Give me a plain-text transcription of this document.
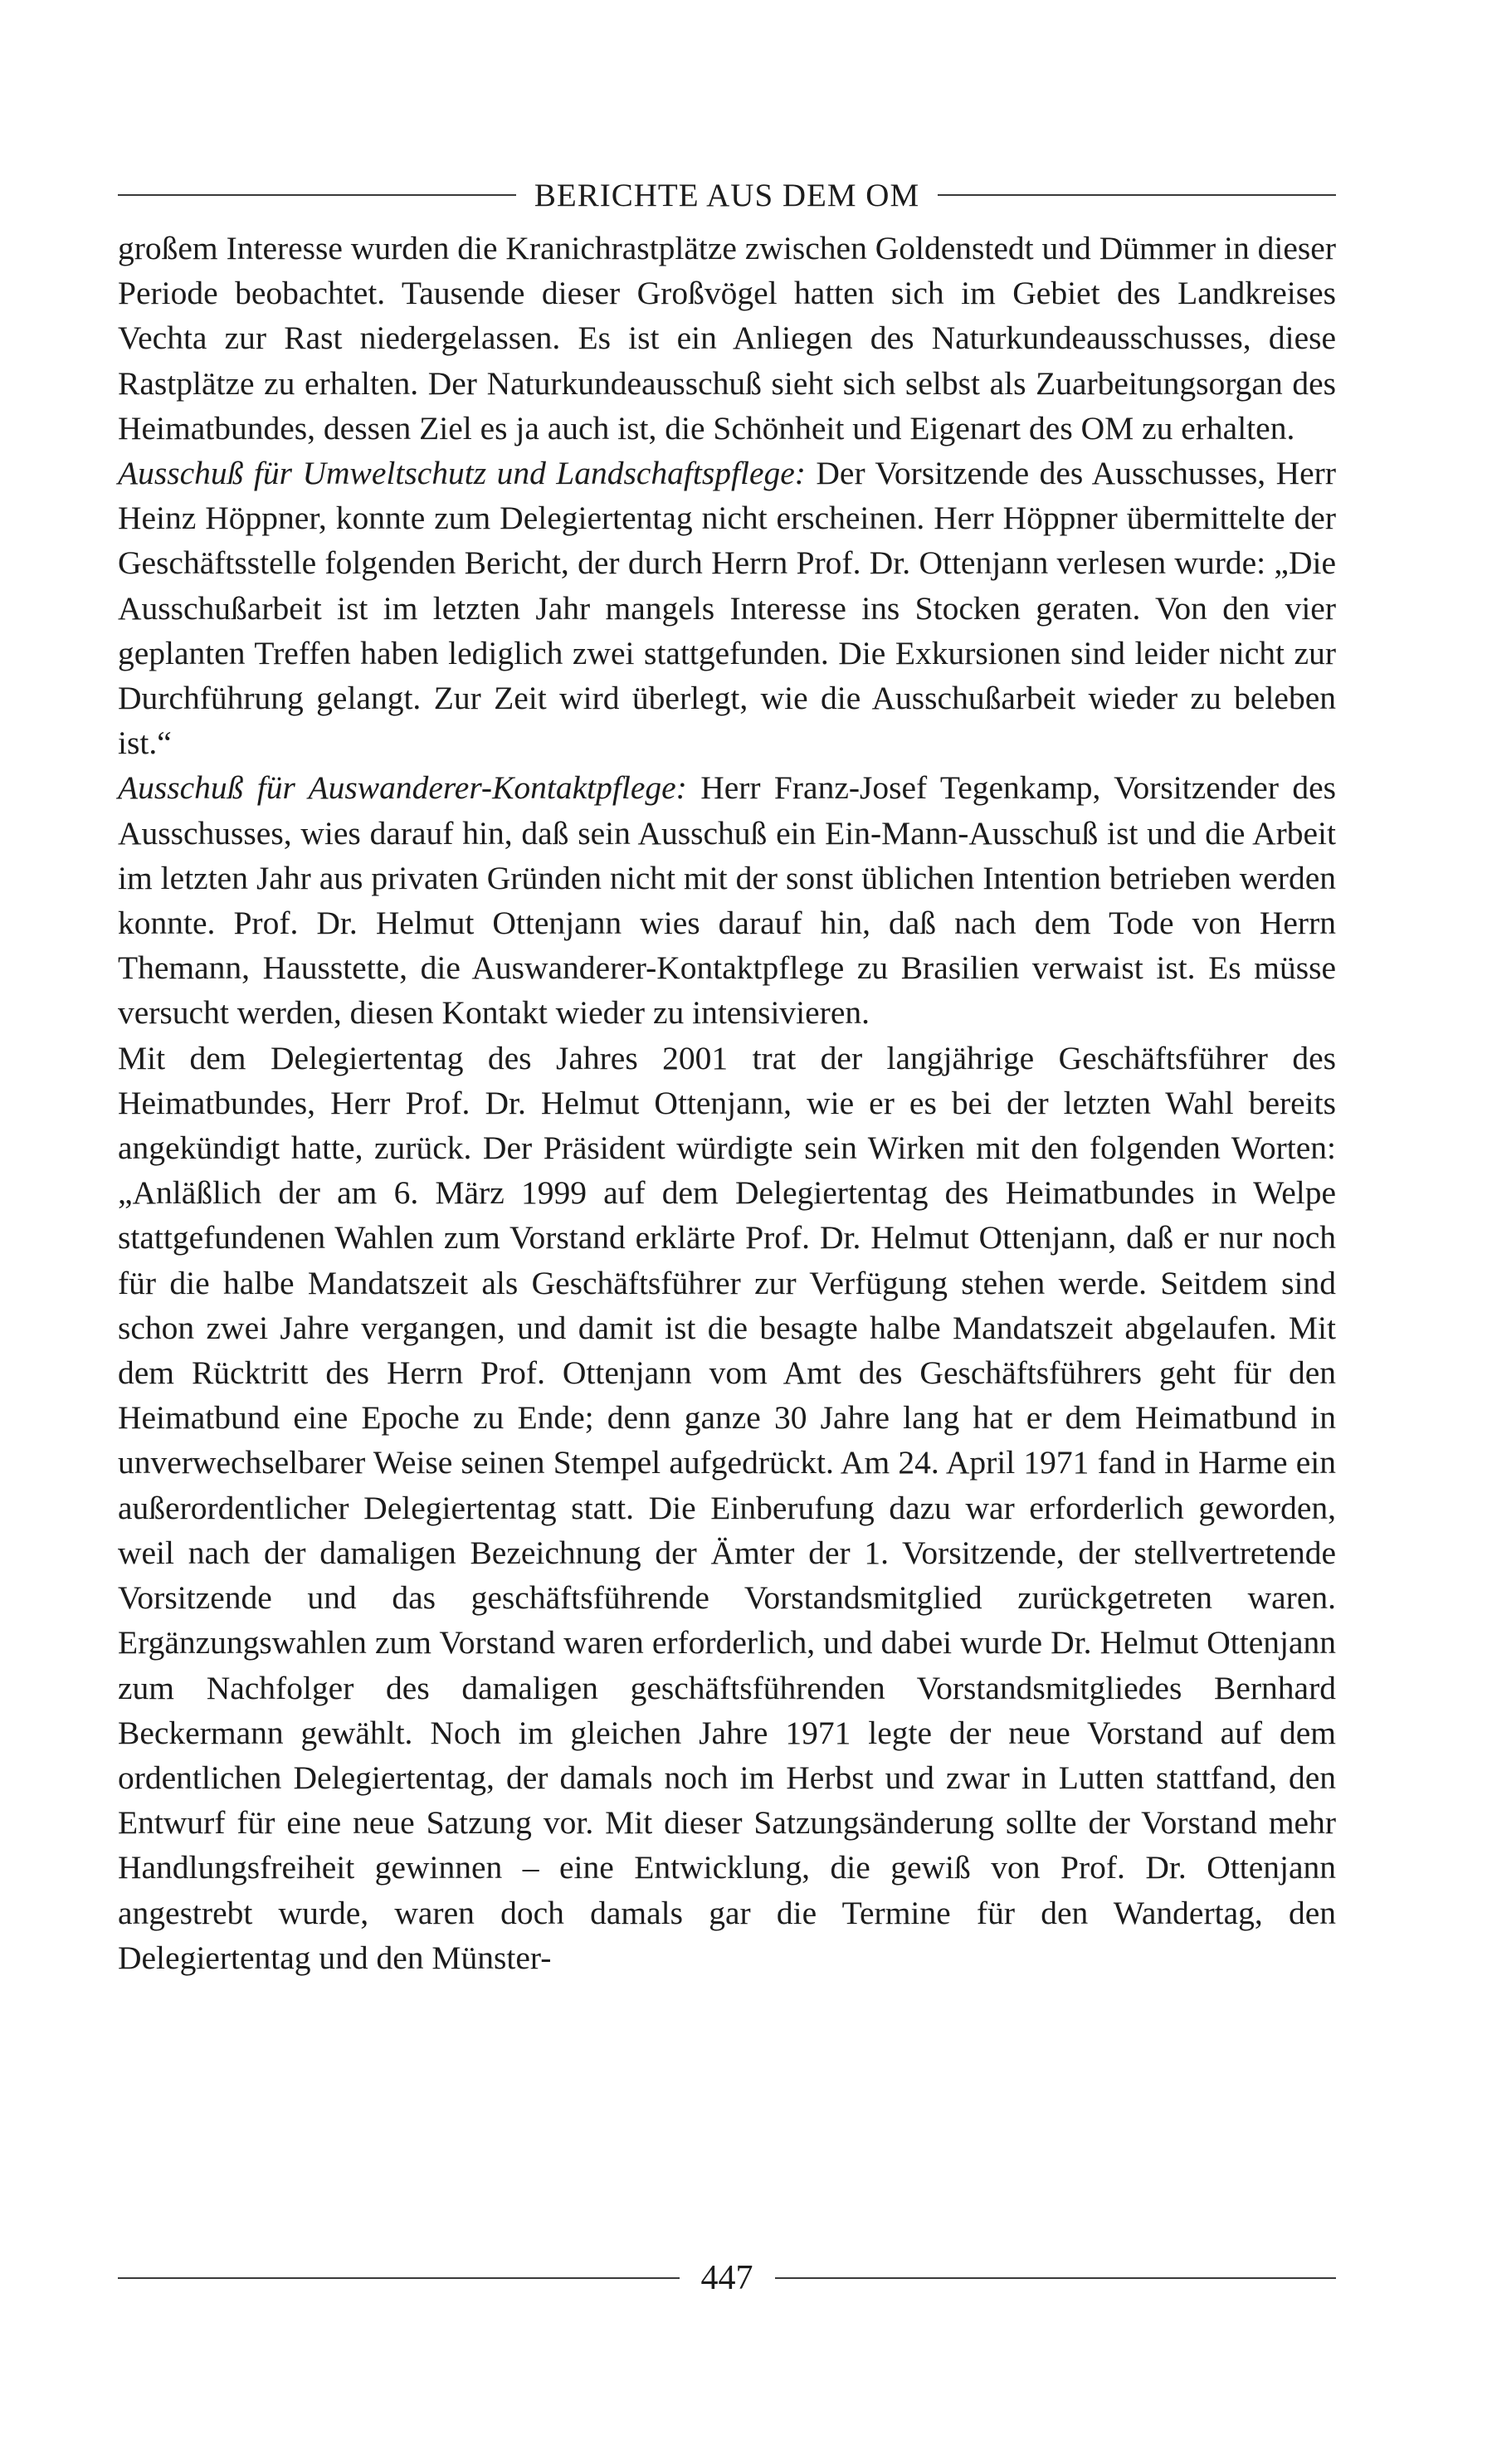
BERICHTE AUS DEM OM

großem Interesse wurden die Kranichrastplätze zwischen Goldenstedt und Dümmer in dieser Periode beobachtet. Tausende dieser Großvögel hatten sich im Gebiet des Landkreises Vechta zur Rast niedergelassen. Es ist ein Anliegen des Naturkundeausschusses, diese Rastplätze zu erhalten. Der Naturkundeausschuß sieht sich selbst als Zuarbeitungsorgan des Heimatbundes, dessen Ziel es ja auch ist, die Schönheit und Eigenart des OM zu erhalten.

Ausschuß für Umweltschutz und Landschaftspflege: Der Vorsitzende des Ausschusses, Herr Heinz Höppner, konnte zum Delegiertentag nicht erscheinen. Herr Höppner übermittelte der Geschäftsstelle folgenden Bericht, der durch Herrn Prof. Dr. Ottenjann verlesen wurde: „Die Ausschußarbeit ist im letzten Jahr mangels Interesse ins Stocken geraten. Von den vier geplanten Treffen haben lediglich zwei stattgefunden. Die Exkursionen sind leider nicht zur Durchführung gelangt. Zur Zeit wird überlegt, wie die Ausschußarbeit wieder zu beleben ist.“

Ausschuß für Auswanderer-Kontaktpflege: Herr Franz-Josef Tegenkamp, Vorsitzender des Ausschusses, wies darauf hin, daß sein Ausschuß ein Ein-Mann-Ausschuß ist und die Arbeit im letzten Jahr aus privaten Gründen nicht mit der sonst üblichen Intention betrieben werden konnte. Prof. Dr. Helmut Ottenjann wies darauf hin, daß nach dem Tode von Herrn Themann, Hausstette, die Auswanderer-Kontaktpflege zu Brasilien verwaist ist. Es müsse versucht werden, diesen Kontakt wieder zu intensivieren.

Mit dem Delegiertentag des Jahres 2001 trat der langjährige Geschäftsführer des Heimatbundes, Herr Prof. Dr. Helmut Ottenjann, wie er es bei der letzten Wahl bereits angekündigt hatte, zurück. Der Präsident würdigte sein Wirken mit den folgenden Worten: „Anläßlich der am 6. März 1999 auf dem Delegiertentag des Heimatbundes in Welpe stattgefundenen Wahlen zum Vorstand erklärte Prof. Dr. Helmut Ottenjann, daß er nur noch für die halbe Mandatszeit als Geschäftsführer zur Verfügung stehen werde. Seitdem sind schon zwei Jahre vergangen, und damit ist die besagte halbe Mandatszeit abgelaufen. Mit dem Rücktritt des Herrn Prof. Ottenjann vom Amt des Geschäftsführers geht für den Heimatbund eine Epoche zu Ende; denn ganze 30 Jahre lang hat er dem Heimatbund in unverwechselbarer Weise seinen Stempel aufgedrückt. Am 24. April 1971 fand in Harme ein außerordentlicher Delegiertentag statt. Die Einberufung dazu war erforderlich geworden, weil nach der damaligen Bezeichnung der Ämter der 1. Vorsitzende, der stellvertretende Vorsitzende und das geschäftsführende Vorstandsmitglied zurückgetreten waren. Ergänzungswahlen zum Vorstand waren erforderlich, und dabei wurde Dr. Helmut Ottenjann zum Nachfolger des damaligen geschäftsführenden Vorstandsmitgliedes Bernhard Beckermann gewählt. Noch im gleichen Jahre 1971 legte der neue Vorstand auf dem ordentlichen Delegiertentag, der damals noch im Herbst und zwar in Lutten stattfand, den Entwurf für eine neue Satzung vor. Mit dieser Satzungsänderung sollte der Vorstand mehr Handlungsfreiheit gewinnen – eine Entwicklung, die gewiß von Prof. Dr. Ottenjann angestrebt wurde, waren doch damals gar die Termine für den Wandertag, den Delegiertentag und den Münster-

447
